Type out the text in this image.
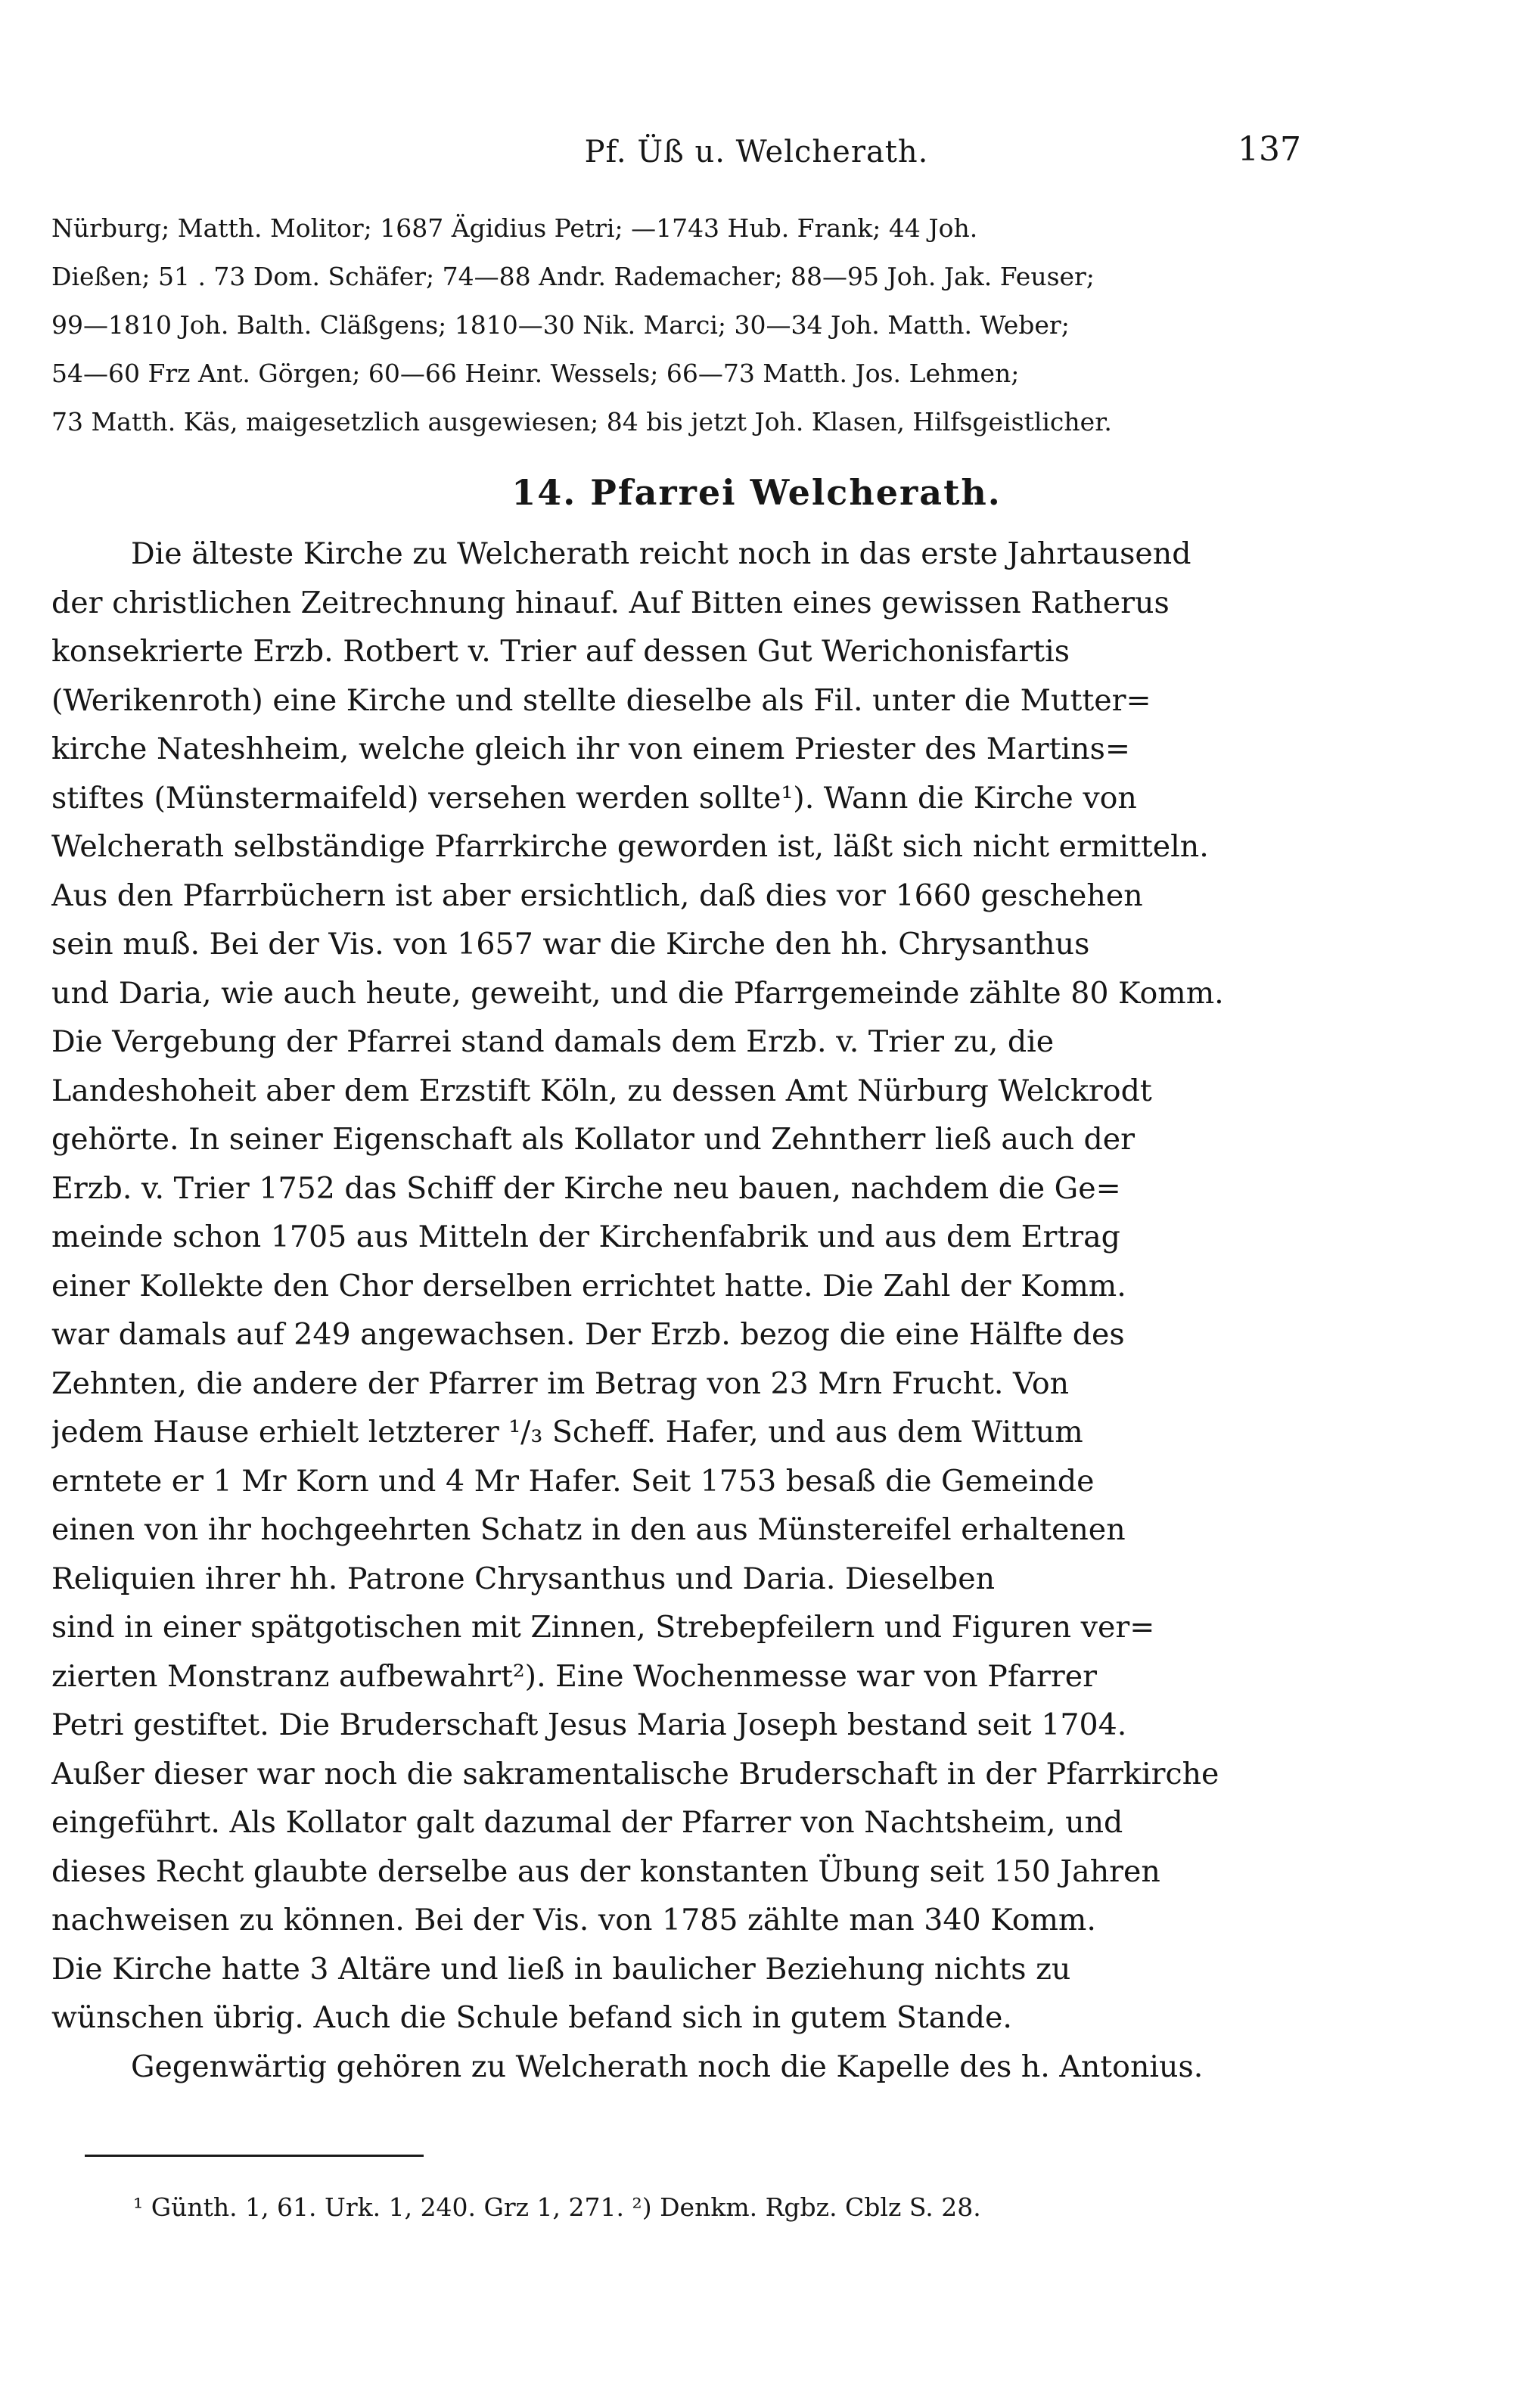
Pf. Üß u. Welcherath.	137

Nürburg; Matth. Molitor; 1687 Ägidius Petri; —1743 Hub. Frank; 44 Joh.

Dießen; 51 . 73 Dom. Schäfer; 74—88 Andr. Rademacher; 88—95 Joh. Jak. Feuser;

99—1810 Joh. Balth. Cläßgens; 1810—30 Nik. Marci; 30—34 Joh. Matth. Weber;

54—60 Frz Ant. Görgen; 60—66 Heinr. Wessels; 66—73 Matth. Jos. Lehmen;

73 Matth. Käs, maigesetzlich ausgewiesen; 84 bis jetzt Joh. Klasen, Hilfsgeistlicher.

14. Pfarrei Welcherath.

Die älteste Kirche zu Welcherath reicht noch in das erste Jahrtausend

der christlichen Zeitrechnung hinauf. Auf Bitten eines gewissen Ratherus

konsekrierte Erzb. Rotbert v. Trier auf dessen Gut Werichonisfartis

(Werikenroth) eine Kirche und stellte dieselbe als Fil. unter die Mutter=

kirche Nateshheim, welche gleich ihr von einem Priester des Martins=

stiftes (Münstermaifeld) versehen werden sollte¹). Wann die Kirche von

Welcherath selbständige Pfarrkirche geworden ist, läßt sich nicht ermitteln.

Aus den Pfarrbüchern ist aber ersichtlich, daß dies vor 1660 geschehen

sein muß. Bei der Vis. von 1657 war die Kirche den hh. Chrysanthus

und Daria, wie auch heute, geweiht, und die Pfarrgemeinde zählte 80 Komm.

Die Vergebung der Pfarrei stand damals dem Erzb. v. Trier zu, die

Landeshoheit aber dem Erzstift Köln, zu dessen Amt Nürburg Welckrodt

gehörte. In seiner Eigenschaft als Kollator und Zehntherr ließ auch der

Erzb. v. Trier 1752 das Schiff der Kirche neu bauen, nachdem die Ge=

meinde schon 1705 aus Mitteln der Kirchenfabrik und aus dem Ertrag

einer Kollekte den Chor derselben errichtet hatte. Die Zahl der Komm.

war damals auf 249 angewachsen. Der Erzb. bezog die eine Hälfte des

Zehnten, die andere der Pfarrer im Betrag von 23 Mrn Frucht. Von

jedem Hause erhielt letzterer ¹/₃ Scheff. Hafer, und aus dem Wittum

erntete er 1 Mr Korn und 4 Mr Hafer. Seit 1753 besaß die Gemeinde

einen von ihr hochgeehrten Schatz in den aus Münstereifel erhaltenen

Reliquien ihrer hh. Patrone Chrysanthus und Daria. Dieselben

sind in einer spätgotischen mit Zinnen, Strebepfeilern und Figuren ver=

zierten Monstranz aufbewahrt²). Eine Wochenmesse war von Pfarrer

Petri gestiftet. Die Bruderschaft Jesus Maria Joseph bestand seit 1704.

Außer dieser war noch die sakramentalische Bruderschaft in der Pfarrkirche

eingeführt. Als Kollator galt dazumal der Pfarrer von Nachtsheim, und

dieses Recht glaubte derselbe aus der konstanten Übung seit 150 Jahren

nachweisen zu können. Bei der Vis. von 1785 zählte man 340 Komm.

Die Kirche hatte 3 Altäre und ließ in baulicher Beziehung nichts zu

wünschen übrig. Auch die Schule befand sich in gutem Stande.

Gegenwärtig gehören zu Welcherath noch die Kapelle des h. Antonius.

¹ Günth. 1, 61. Urk. 1, 240. Grz 1, 271. ²) Denkm. Rgbz. Cblz S. 28.
